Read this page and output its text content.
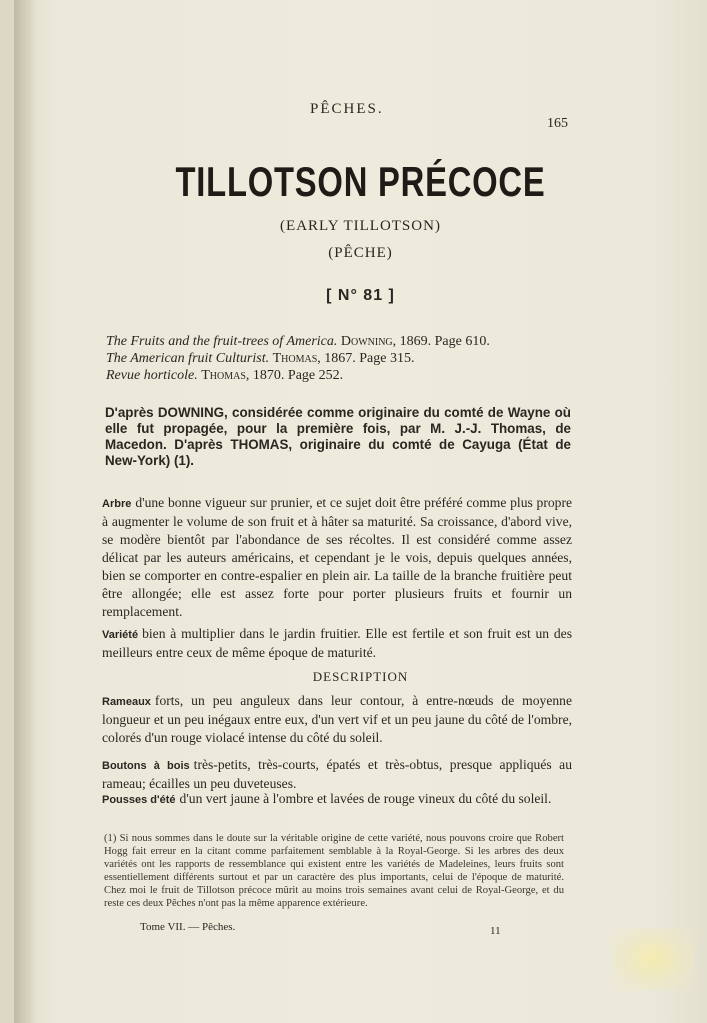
PÊCHES.
165
TILLOTSON PRÉCOCE
(EARLY TILLOTSON)
(PÊCHE)
[ N° 81 ]
The Fruits and the fruit-trees of America. Downing, 1869. Page 610.
The American fruit Culturist. Thomas, 1867. Page 315.
Revue horticole. Thomas, 1870. Page 252.
D'après DOWNING, considérée comme originaire du comté de Wayne où elle fut propagée, pour la première fois, par M. J.-J. Thomas, de Macedon. D'après THOMAS, originaire du comté de Cayuga (État de New-York) (1).
Arbre d'une bonne vigueur sur prunier, et ce sujet doit être préféré comme plus propre à augmenter le volume de son fruit et à hâter sa maturité. Sa croissance, d'abord vive, se modère bientôt par l'abondance de ses récoltes. Il est considéré comme assez délicat par les auteurs américains, et cependant je le vois, depuis quelques années, bien se comporter en contre-espalier en plein air. La taille de la branche fruitière peut être allongée; elle est assez forte pour porter plusieurs fruits et fournir un remplacement.
Variété bien à multiplier dans le jardin fruitier. Elle est fertile et son fruit est un des meilleurs entre ceux de même époque de maturité.
DESCRIPTION
Rameaux forts, un peu anguleux dans leur contour, à entre-nœuds de moyenne longueur et un peu inégaux entre eux, d'un vert vif et un peu jaune du côté de l'ombre, colorés d'un rouge violacé intense du côté du soleil.
Boutons à bois très-petits, très-courts, épatés et très-obtus, presque appliqués au rameau; écailles un peu duveteuses.
Pousses d'été d'un vert jaune à l'ombre et lavées de rouge vineux du côté du soleil.
(1) Si nous sommes dans le doute sur la véritable origine de cette variété, nous pouvons croire que Robert Hogg fait erreur en la citant comme parfaitement semblable à la Royal-George. Si les arbres des deux variétés ont les rapports de ressemblance qui existent entre les variétés de Madeleines, leurs fruits sont essentiellement différents surtout et par un caractère des plus importants, celui de l'époque de maturité. Chez moi le fruit de Tillotson précoce mûrit au moins trois semaines avant celui de Royal-George, et du reste ces deux Pêches n'ont pas la même apparence extérieure.
Tome VII. — Pêches.	11
